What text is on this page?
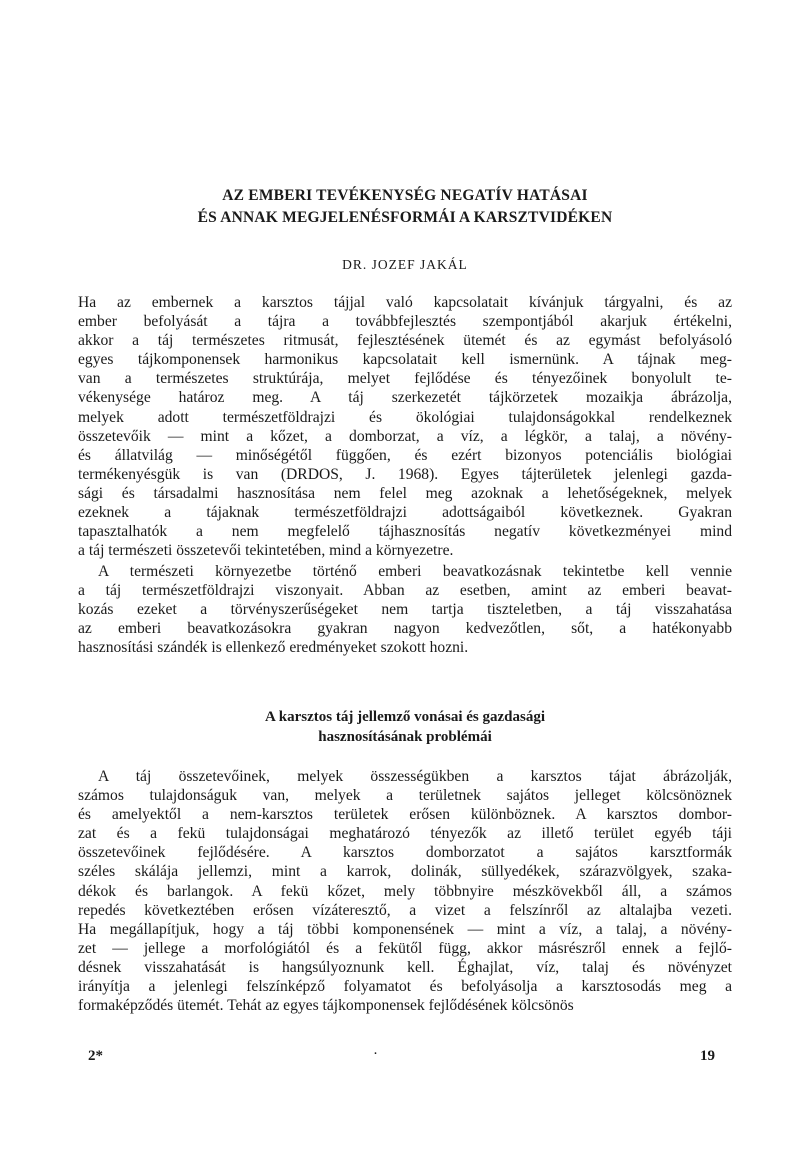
AZ EMBERI TEVÉKENYSÉG NEGATÍV HATÁSAI
ÉS ANNAK MEGJELENÉSFORMÁI A KARSZTVIDÉKEN
DR. JOZEF JAKÁL
Ha az embernek a karsztos tájjal való kapcsolatait kívánjuk tárgyalni, és az
ember befolyását a tájra a továbbfejlesztés szempontjából akarjuk értékelni,
akkor a táj természetes ritmusát, fejlesztésének ütemét és az egymást befolyásoló
egyes tájkomponensek harmonikus kapcsolatait kell ismernünk. A tájnak meg-
van a természetes struktúrája, melyet fejlődése és tényezőinek bonyolult te-
vékenysége határoz meg. A táj szerkezetét tájkörzetek mozaikja ábrázolja,
melyek adott természetföldrajzi és ökológiai tulajdonságokkal rendelkeznek
összetevőik — mint a kőzet, a domborzat, a víz, a légkör, a talaj, a növény-
és állatvilág — minőségétől függően, és ezért bizonyos potenciális biológiai
termékenyésgük is van (DRDOS, J. 1968). Egyes tájterületek jelenlegi gazda-
sági és társadalmi hasznosítása nem felel meg azoknak a lehetőségeknek, melyek
ezeknek a tájaknak természetföldrajzi adottságaiból következnek. Gyakran
tapasztalhatók a nem megfelelő tájhasznosítás negatív következményei mind
a táj természeti összetevői tekintetében, mind a környezetre.
A természeti környezetbe történő emberi beavatkozásnak tekintetbe kell vennie
a táj természetföldrajzi viszonyait. Abban az esetben, amint az emberi beavat-
kozás ezeket a törvényszerűségeket nem tartja tiszteletben, a táj visszahatása
az emberi beavatkozásokra gyakran nagyon kedvezőtlen, sőt, a hatékonyabb
hasznosítási szándék is ellenkező eredményeket szokott hozni.
A karsztos táj jellemző vonásai és gazdasági
hasznosításának problémái
A táj összetevőinek, melyek összességükben a karsztos tájat ábrázolják,
számos tulajdonságuk van, melyek a területnek sajátos jelleget kölcsönöznek
és amelyektől a nem-karsztos területek erősen különböznek. A karsztos dombor-
zat és a fekü tulajdonságai meghatározó tényezők az illető terület egyéb táji
összetevőinek fejlődésére. A karsztos domborzatot a sajátos karsztformák
széles skálája jellemzi, mint a karrok, dolinák, süllyedékek, szárazvölgyek, szaka-
dékok és barlangok. A fekü kőzet, mely többnyire mészkövekből áll, a számos
repedés következtében erősen vízáteresztő, a vizet a felszínről az altalajba vezeti.
Ha megállapítjuk, hogy a táj többi komponensének — mint a víz, a talaj, a növény-
zet — jellege a morfológiától és a fekütől függ, akkor másrészről ennek a fejlő-
désnek visszahatását is hangsúlyoznunk kell. Éghajlat, víz, talaj és növényzet
irányítja a jelenlegi felszínképző folyamatot és befolyásolja a karsztosodás meg a
formaképződés ütemét. Tehát az egyes tájkomponensek fejlődésének kölcsönös
2*	·	19
